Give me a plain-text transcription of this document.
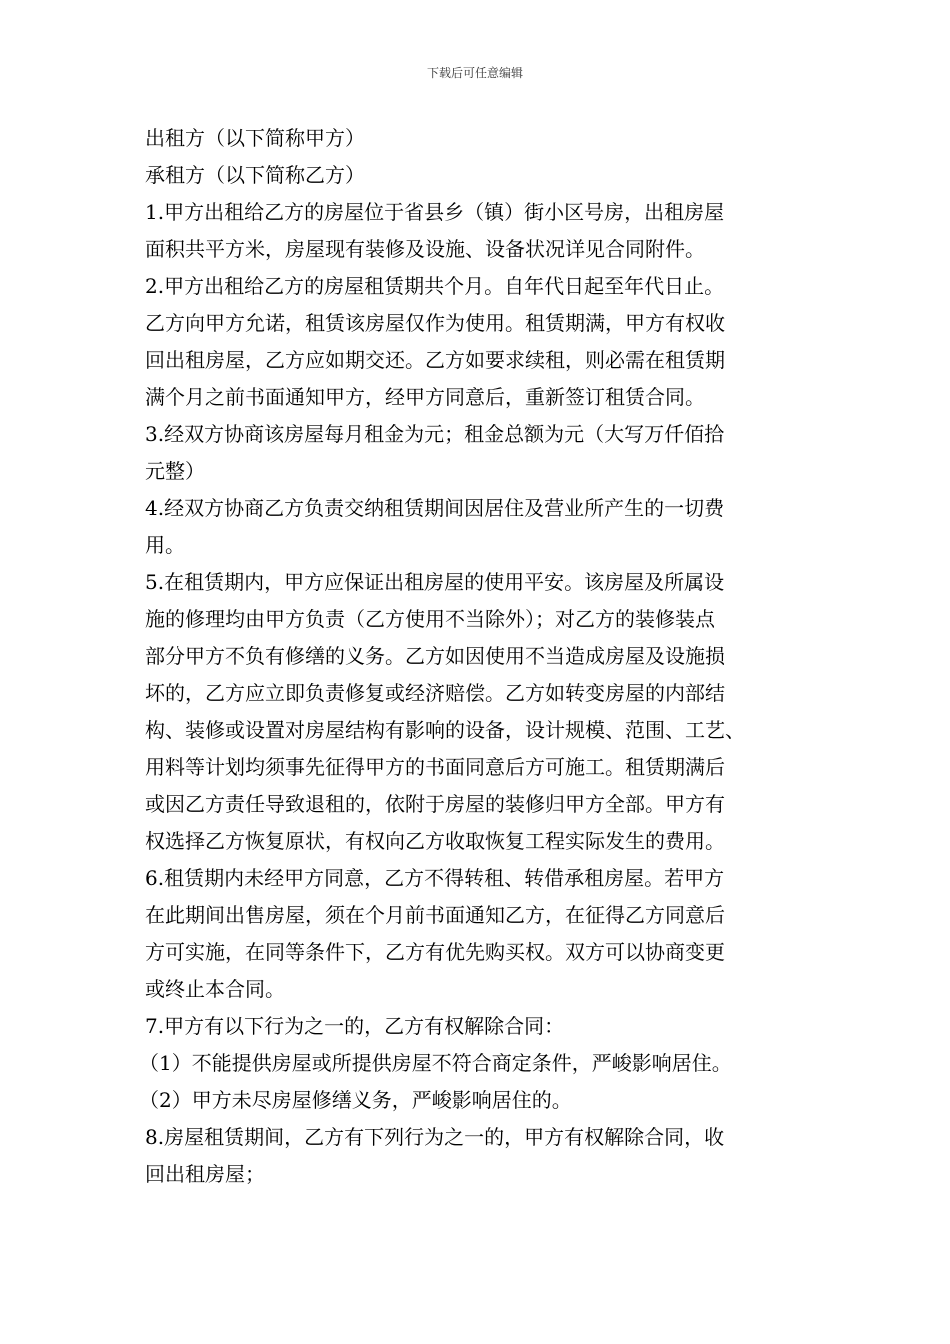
下载后可任意编辑
出租方（以下简称甲方）
承租方（以下简称乙方）
1.甲方出租给乙方的房屋位于省县乡（镇）街小区号房，出租房屋
面积共平方米，房屋现有装修及设施、设备状况详见合同附件。
2.甲方出租给乙方的房屋租赁期共个月。自年代日起至年代日止。
乙方向甲方允诺，租赁该房屋仅作为使用。租赁期满，甲方有权收
回出租房屋，乙方应如期交还。乙方如要求续租，则必需在租赁期
满个月之前书面通知甲方，经甲方同意后，重新签订租赁合同。
3.经双方协商该房屋每月租金为元；租金总额为元（大写万仟佰拾
元整）
4.经双方协商乙方负责交纳租赁期间因居住及营业所产生的一切费
用。
5.在租赁期内，甲方应保证出租房屋的使用平安。该房屋及所属设
施的修理均由甲方负责（乙方使用不当除外）；对乙方的装修装点
部分甲方不负有修缮的义务。乙方如因使用不当造成房屋及设施损
坏的，乙方应立即负责修复或经济赔偿。乙方如转变房屋的内部结
构、装修或设置对房屋结构有影响的设备，设计规模、范围、工艺、
用料等计划均须事先征得甲方的书面同意后方可施工。租赁期满后
或因乙方责任导致退租的，依附于房屋的装修归甲方全部。甲方有
权选择乙方恢复原状，有权向乙方收取恢复工程实际发生的费用。
6.租赁期内未经甲方同意，乙方不得转租、转借承租房屋。若甲方
在此期间出售房屋，须在个月前书面通知乙方，在征得乙方同意后
方可实施，在同等条件下，乙方有优先购买权。双方可以协商变更
或终止本合同。
7.甲方有以下行为之一的，乙方有权解除合同：
（1）不能提供房屋或所提供房屋不符合商定条件，严峻影响居住。
（2）甲方未尽房屋修缮义务，严峻影响居住的。
8.房屋租赁期间，乙方有下列行为之一的，甲方有权解除合同，收
回出租房屋；
